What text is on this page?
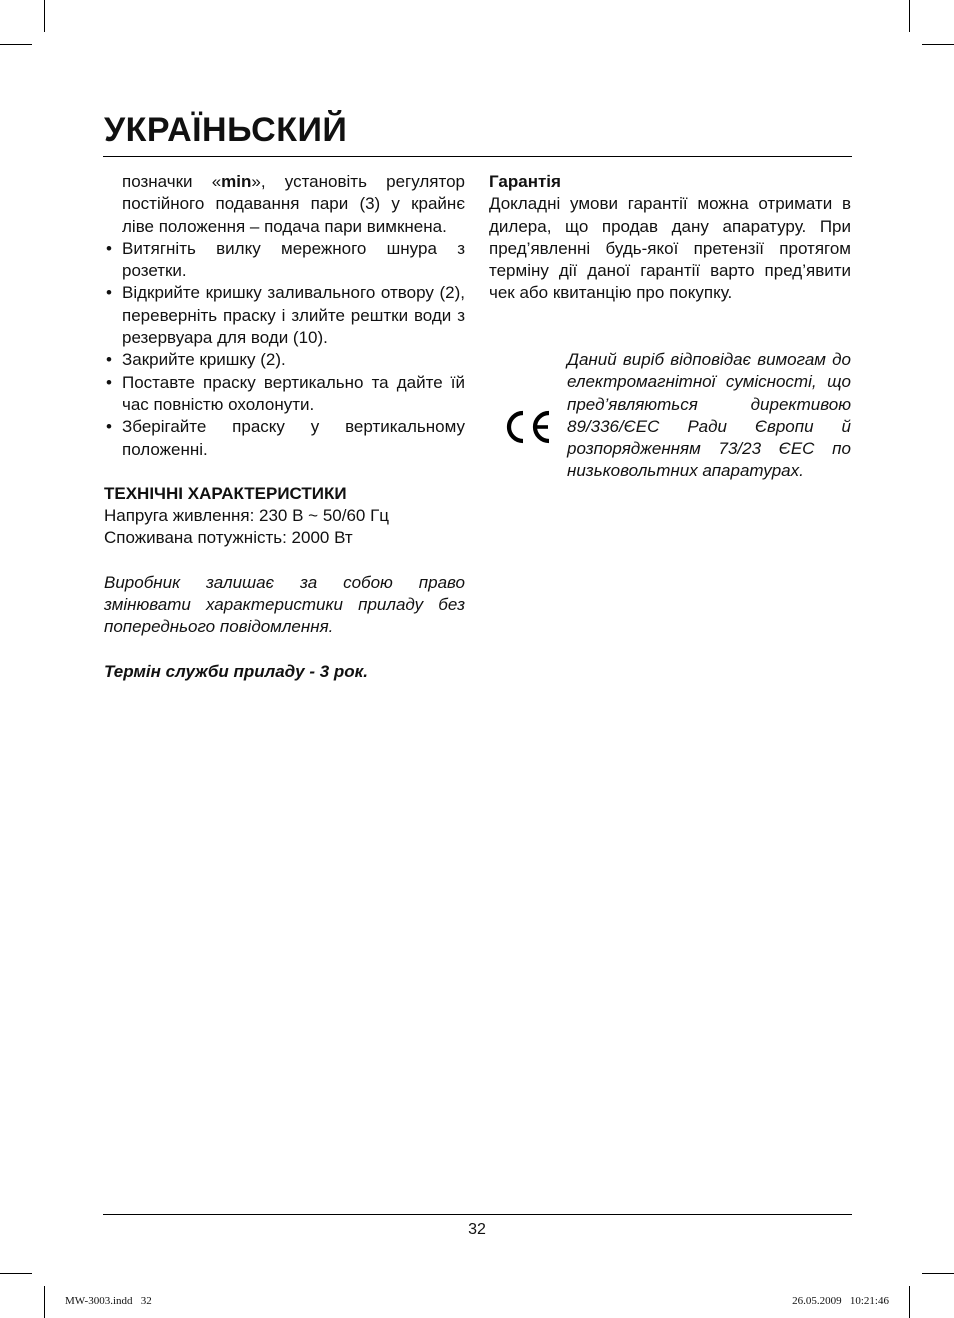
УКРАЇНЬСКИЙ

позначки «min», установіть регулятор постійного подавання пари (3) у крайнє ліве положення – подача пари вимкнена.

• Витягніть вилку мережного шнура з розетки.
• Відкрийте кришку заливального отвору (2), переверніть праску і злийте рештки води з резервуара для води (10).
• Закрийте кришку (2).
• Поставте праску вертикально та дайте їй час повністю охолонути.
• Зберігайте праску у вертикальному положенні.

ТЕХНІЧНІ ХАРАКТЕРИСТИКИ

Напруга живлення: 230 В ~ 50/60 Гц
Споживана потужність: 2000 Вт

Виробник залишає за собою право змінювати характеристики приладу без попереднього повідомлення.

Термін служби приладу - 3 рок.

Гарантія

Докладні умови гарантії можна отримати в дилера, що продав дану апаратуру. При пред’явленні будь-якої претензії протягом терміну дії даної гарантії варто пред’явити чек або квитанцію про покупку.

Даний виріб відповідає вимогам до електромагнітної сумісності, що пред’являються директивою 89/336/ЄЕС Ради Європи й розпорядженням 73/23 ЄЕС по низьковольтних апаратурах.

32
MW-3003.indd   32	26.05.2009   10:21:46
